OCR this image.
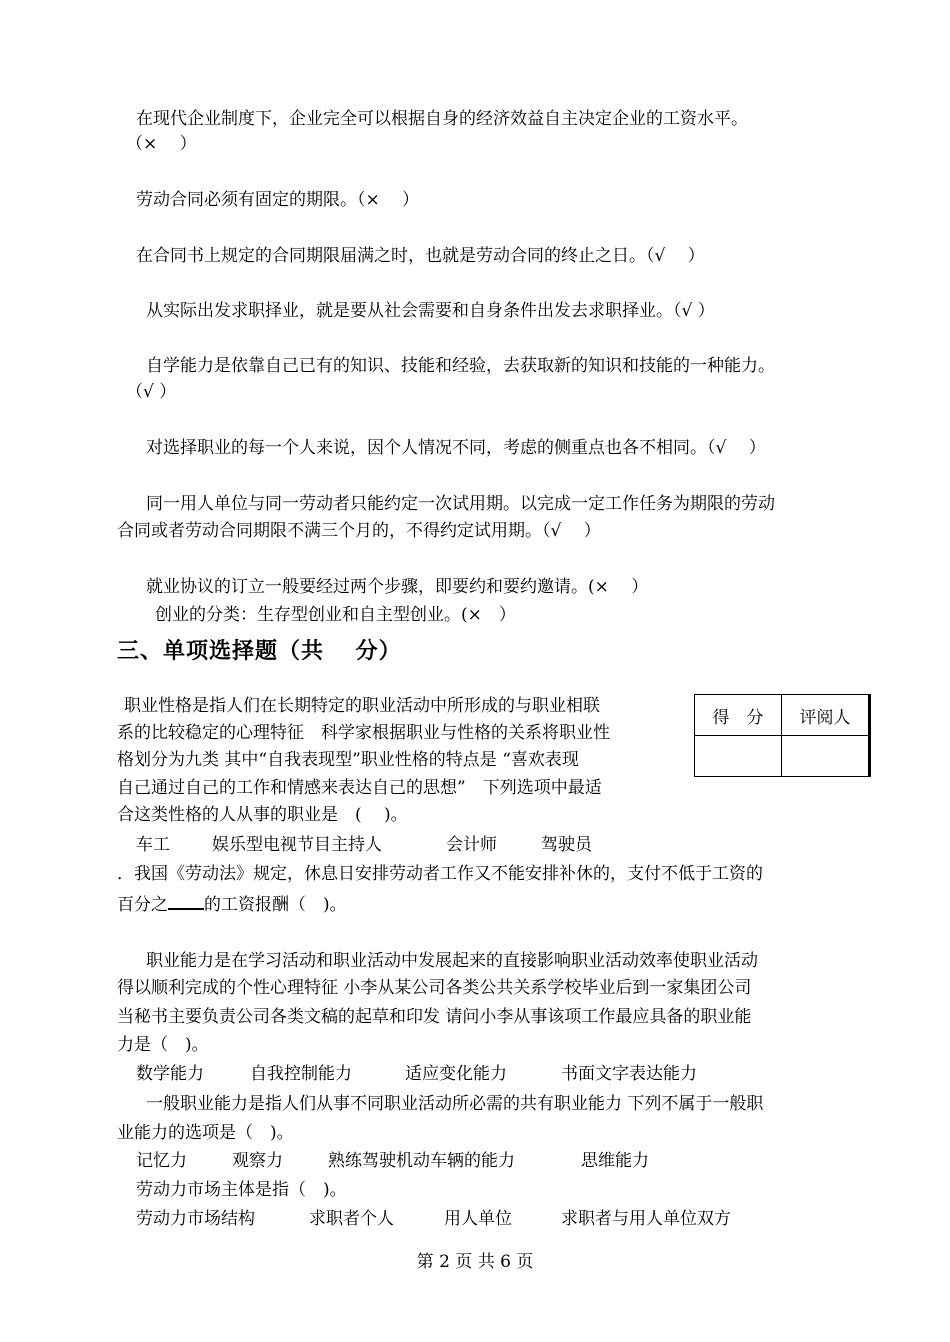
在现代企业制度下，企业完全可以根据自身的经济效益自主决定企业的工资水平。
（×　 ）
劳动合同必须有固定的期限。（×　 ）
在合同书上规定的合同期限届满之时，也就是劳动合同的终止之日。（√　 ）
从实际出发求职择业，就是要从社会需要和自身条件出发去求职择业。（√ ）
自学能力是依靠自己已有的知识、技能和经验，去获取新的知识和技能的一种能力。
（√ ）
对选择职业的每一个人来说，因个人情况不同，考虑的侧重点也各不相同。（√　 ）
同一用人单位与同一劳动者只能约定一次试用期。以完成一定工作任务为期限的劳动
合同或者劳动合同期限不满三个月的，不得约定试用期。（√　 ）
就业协议的订立一般要经过两个步骤，即要约和要约邀请。(×　 ）
创业的分类：生存型创业和自主型创业。(×　）
三、单项选择题（共　 分）
得　分	评阅人

职业性格是指人们在长期特定的职业活动中所形成的与职业相联
系的比较稳定的心理特征　科学家根据职业与性格的关系将职业性
格划分为九类 其中“自我表现型”职业性格的特点是 “喜欢表现
自己通过自己的工作和情感来表达自己的思想”　下列选项中最适
合这类性格的人从事的职业是　(　 )。
车工 娱乐型电视节目主持人	会计师	驾驶员
．我国《劳动法》规定，休息日安排劳动者工作又不能安排补休的，支付不低于工资的
百分之 的工资报酬（　)。
职业能力是在学习活动和职业活动中发展起来的直接影响职业活动效率使职业活动
得以顺利完成的个性心理特征 小李从某公司各类公共关系学校毕业后到一家集团公司
当秘书主要负责公司各类文稿的起草和印发 请问小李从事该项工作最应具备的职业能
力是（　)。
数学能力	自我控制能力	适应变化能力	书面文字表达能力
一般职业能力是指人们从事不同职业活动所必需的共有职业能力 下列不属于一般职
业能力的选项是（　)。
记忆力	观察力	熟练驾驶机动车辆的能力	思维能力
劳动力市场主体是指（　)。
劳动力市场结构	求职者个人	用人单位	求职者与用人单位双方
第 2 页 共 6 页
